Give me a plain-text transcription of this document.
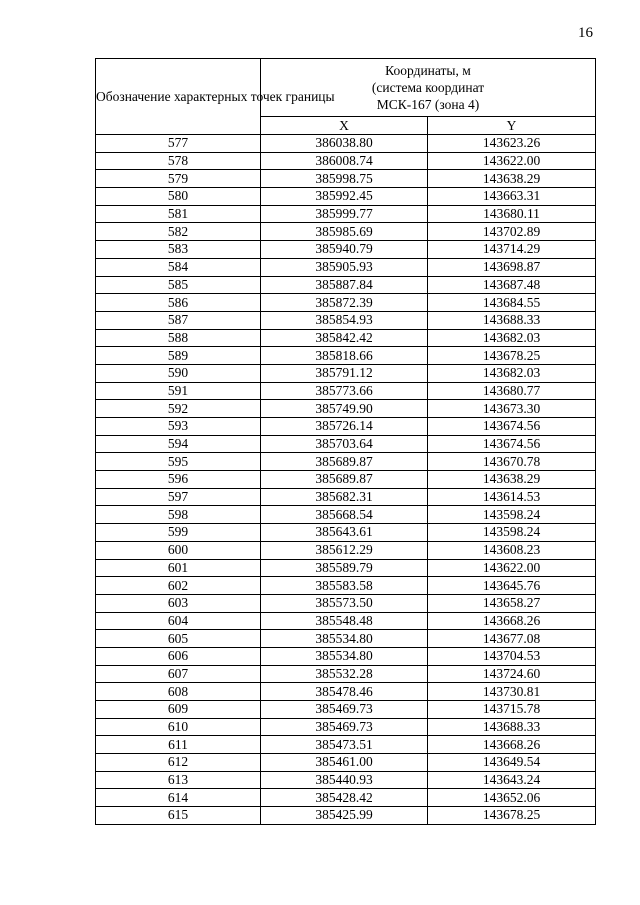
16
Обозначение характерных точек границы	Координаты, м
(система координат
МСК-167 (зона 4)	

	X	Y
577	386038.80	143623.26
578	386008.74	143622.00
579	385998.75	143638.29
580	385992.45	143663.31
581	385999.77	143680.11
582	385985.69	143702.89
583	385940.79	143714.29
584	385905.93	143698.87
585	385887.84	143687.48
586	385872.39	143684.55
587	385854.93	143688.33
588	385842.42	143682.03
589	385818.66	143678.25
590	385791.12	143682.03
591	385773.66	143680.77
592	385749.90	143673.30
593	385726.14	143674.56
594	385703.64	143674.56
595	385689.87	143670.78
596	385689.87	143638.29
597	385682.31	143614.53
598	385668.54	143598.24
599	385643.61	143598.24
600	385612.29	143608.23
601	385589.79	143622.00
602	385583.58	143645.76
603	385573.50	143658.27
604	385548.48	143668.26
605	385534.80	143677.08
606	385534.80	143704.53
607	385532.28	143724.60
608	385478.46	143730.81
609	385469.73	143715.78
610	385469.73	143688.33
611	385473.51	143668.26
612	385461.00	143649.54
613	385440.93	143643.24
614	385428.42	143652.06
615	385425.99	143678.25
